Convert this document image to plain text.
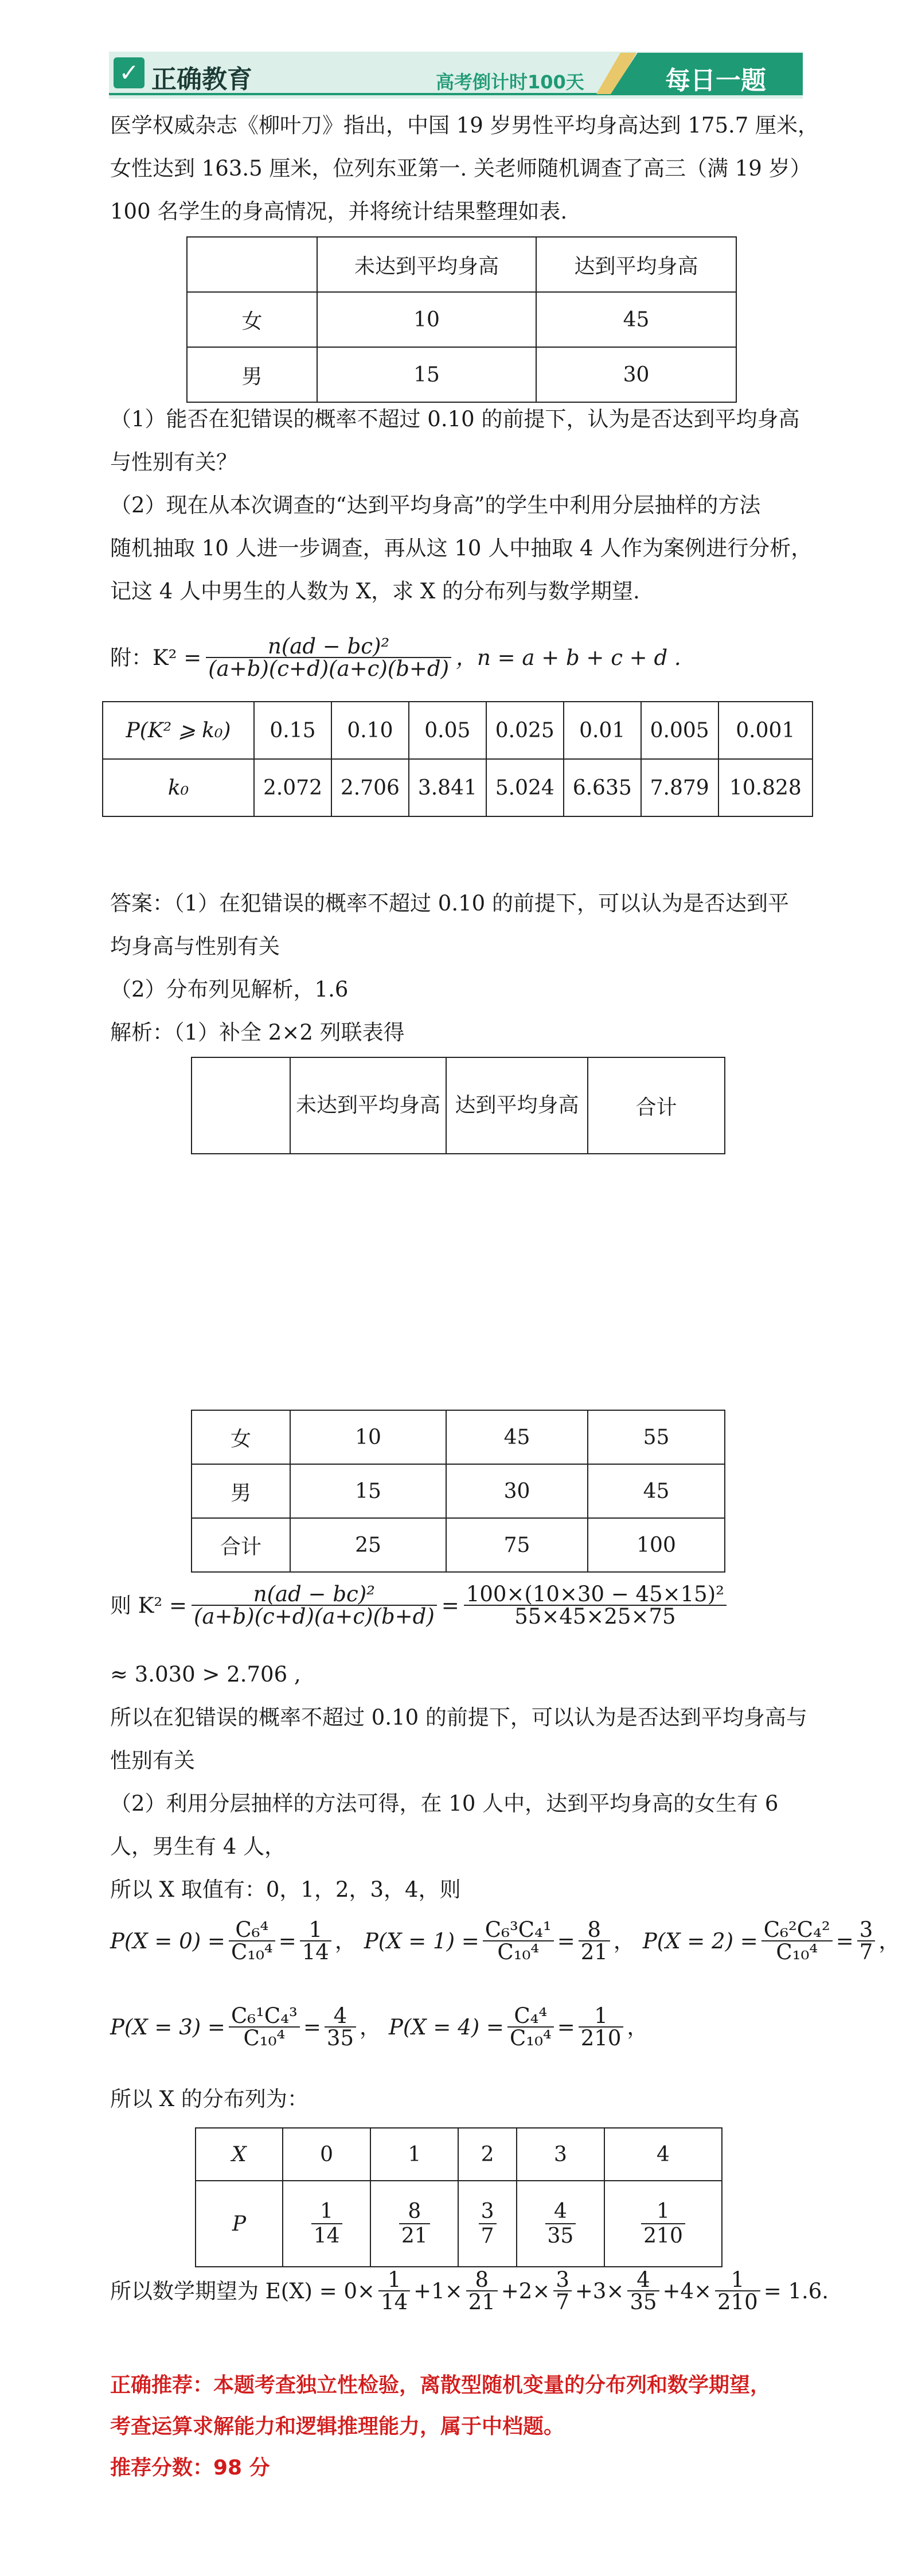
✓ 正确教育	高考倒计时100天	每日一题
医学权威杂志《柳叶刀》指出，中国 19 岁男性平均身高达到 175.7 厘米，
女性达到 163.5 厘米，位列东亚第一. 关老师随机调查了高三（满 19 岁）
100 名学生的身高情况，并将统计结果整理如表.
	未达到平均身高	达到平均身高
女	10	45
男	15	30
（1）能否在犯错误的概率不超过 0.10 的前提下，认为是否达到平均身高
与性别有关？
（2）现在从本次调查的“达到平均身高”的学生中利用分层抽样的方法
随机抽取 10 人进一步调查，再从这 10 人中抽取 4 人作为案例进行分析，
记这 4 人中男生的人数为 X，求 X 的分布列与数学期望.
附：$K^2 = \frac{\text{n(ad − bc)²}}{(a+b)(c+d)(a+c)(b+d)}$ ，n = a + b + c + d .
P(K² ⩾ k₀)	0.15	0.10	0.05	0.025	0.01	0.005	0.001
k₀	2.072	2.706	3.841	5.024	6.635	7.879	10.828
答案：（1）在犯错误的概率不超过 0.10 的前提下，可以认为是否达到平
均身高与性别有关
（2）分布列见解析，1.6
解析：（1）补全 2×2 列联表得
	未达到平均身高	达到平均身高	合计
女	10	45	55
男	15	30	45
合计	25	75	100
则 $K^2 = \frac{\text{n(ad − bc)²}}{(a+b)(c+d)(a+c)(b+d)} = \frac{\text{100×(10×30 − 45×15)²}}{55\times 45\times 25\times 75}$
≈ 3.030 > 2.706 ,
所以在犯错误的概率不超过 0.10 的前提下，可以认为是否达到平均身高与
性别有关
（2）利用分层抽样的方法可得，在 10 人中，达到平均身高的女生有 6
人，男生有 4 人，
所以 X 取值有：0，1，2，3，4，则
$P(X = 0) = \frac{\text{C₆⁴}}{\text{C₁₀⁴}} = \frac{1}{14}$ ， $P(X = 1) = \frac{\text{C₆³C₄¹}}{\text{C₁₀⁴}} = \frac{8}{21}$ ， $P(X = 2) = \frac{\text{C₆²C₄²}}{\text{C₁₀⁴}} = \frac{3}{7}$ ，
$P(X = 3) = \frac{\text{C₆¹C₄³}}{\text{C₁₀⁴}} = \frac{4}{35}$ ， $P(X = 4) = \frac{\text{C₄⁴}}{\text{C₁₀⁴}} = \frac{1}{210}$ ，
所以 X 的分布列为：
X	0	1	2	3	4
P	$\frac{1}{14}$	$\frac{8}{21}$	$\frac{3}{7}$	$\frac{4}{35}$	$\frac{1}{210}$
所以数学期望为 $E(X) = 0\times \frac{1}{14} +1\times \frac{8}{21} +2\times \frac{3}{7} +3\times \frac{4}{35} +4\times \frac{1}{210} = 1.6$.
正确推荐：本题考查独立性检验，离散型随机变量的分布列和数学期望，
考查运算求解能力和逻辑推理能力，属于中档题。
推荐分数：98 分
